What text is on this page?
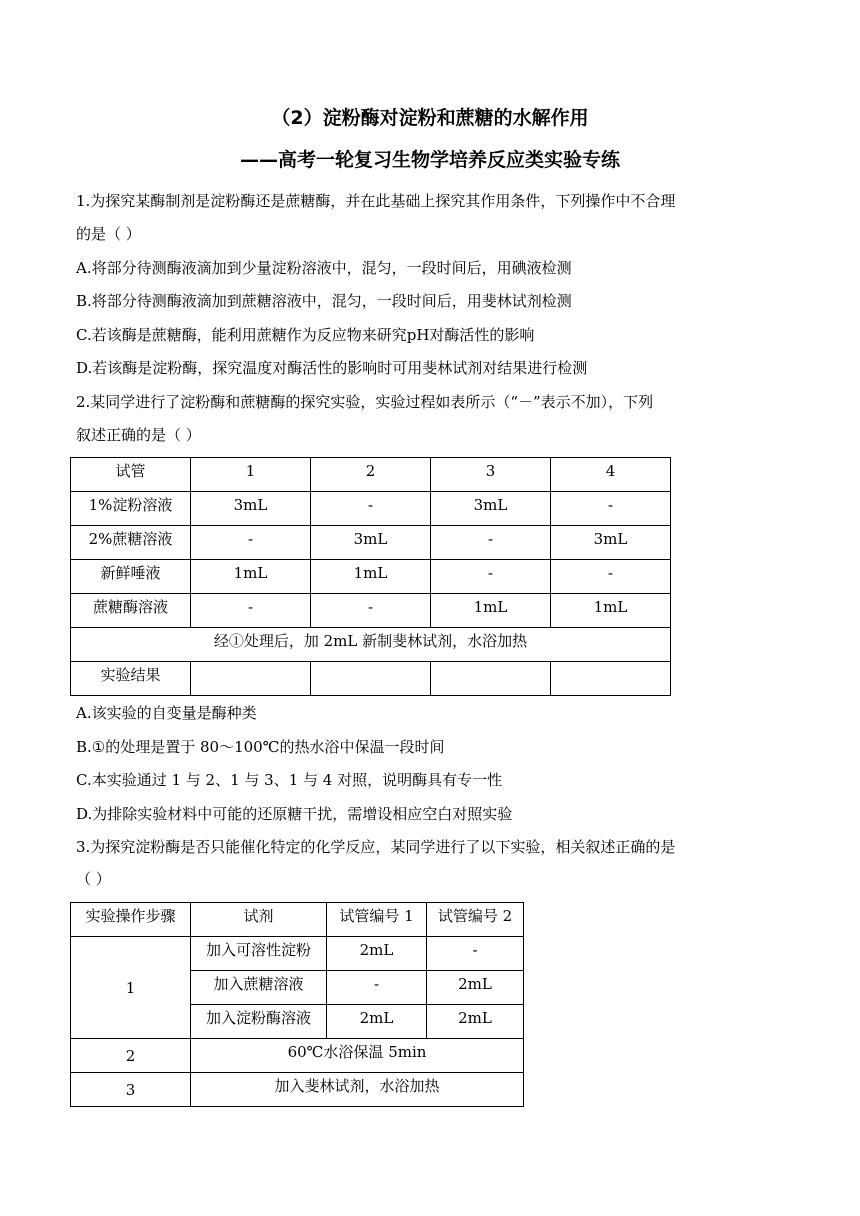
（2）淀粉酶对淀粉和蔗糖的水解作用
——高考一轮复习生物学培养反应类实验专练
1.为探究某酶制剂是淀粉酶还是蔗糖酶，并在此基础上探究其作用条件，下列操作中不合理
的是（ ）
A.将部分待测酶液滴加到少量淀粉溶液中，混匀，一段时间后，用碘液检测
B.将部分待测酶液滴加到蔗糖溶液中，混匀，一段时间后，用斐林试剂检测
C.若该酶是蔗糖酶，能利用蔗糖作为反应物来研究pH对酶活性的影响
D.若该酶是淀粉酶，探究温度对酶活性的影响时可用斐林试剂对结果进行检测
2.某同学进行了淀粉酶和蔗糖酶的探究实验，实验过程如表所示（“－”表示不加），下列
叙述正确的是（ ）
试管	1	2	3	4
1%淀粉溶液	3mL	-	3mL	-
2%蔗糖溶液	-	3mL	-	3mL
新鲜唾液	1mL	1mL	-	-
蔗糖酶溶液	-	-	1mL	1mL
经①处理后，加 2mL 新制斐林试剂，水浴加热				
实验结果				
A.该实验的自变量是酶种类
B.①的处理是置于 80～100℃的热水浴中保温一段时间
C.本实验通过 1 与 2、1 与 3、1 与 4 对照，说明酶具有专一性
D.为排除实验材料中可能的还原糖干扰，需增设相应空白对照实验
3.为探究淀粉酶是否只能催化特定的化学反应，某同学进行了以下实验，相关叙述正确的是
（ ）
实验操作步骤	试剂	试管编号 1	试管编号 2
1	加入可溶性淀粉	2mL	-
	加入蔗糖溶液	-	2mL
	加入淀粉酶溶液	2mL	2mL
2	60℃水浴保温 5min		
3	加入斐林试剂，水浴加热		
